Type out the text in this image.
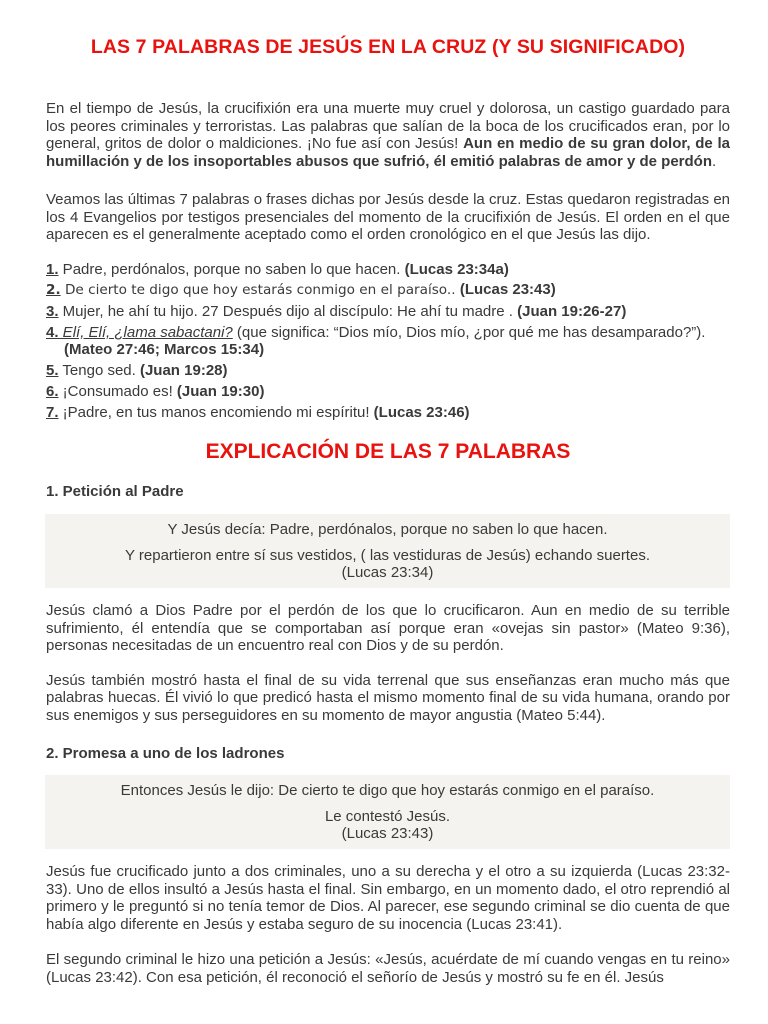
LAS 7 PALABRAS DE JESÚS EN LA CRUZ (Y SU SIGNIFICADO)

En el tiempo de Jesús, la crucifixión era una muerte muy cruel y dolorosa, un castigo guardado para los peores criminales y terroristas. Las palabras que salían de la boca de los crucificados eran, por lo general, gritos de dolor o maldiciones. ¡No fue así con Jesús! Aun en medio de su gran dolor, de la humillación y de los insoportables abusos que sufrió, él emitió palabras de amor y de perdón.

Veamos las últimas 7 palabras o frases dichas por Jesús desde la cruz. Estas quedaron registradas en los 4 Evangelios por testigos presenciales del momento de la crucifixión de Jesús. El orden en el que aparecen es el generalmente aceptado como el orden cronológico en el que Jesús las dijo.

1. Padre, perdónalos, porque no saben lo que hacen. (Lucas 23:34a)
2. De cierto te digo que hoy estarás conmigo en el paraíso.. (Lucas 23:43)
3. Mujer, he ahí tu hijo. 27 Después dijo al discípulo: He ahí tu madre . (Juan 19:26-27)
4. Elí, Elí, ¿lama sabactani? (que significa: “Dios mío, Dios mío, ¿por qué me has desamparado?”).
(Mateo 27:46; Marcos 15:34)
5. Tengo sed. (Juan 19:28)
6. ¡Consumado es! (Juan 19:30)
7. ¡Padre, en tus manos encomiendo mi espíritu! (Lucas 23:46)
EXPLICACIÓN DE LAS 7 PALABRAS
1. Petición al Padre
Y Jesús decía: Padre, perdónalos, porque no saben lo que hacen.
Y repartieron entre sí sus vestidos, ( las vestiduras de Jesús) echando suertes.
(Lucas 23:34)

Jesús clamó a Dios Padre por el perdón de los que lo crucificaron. Aun en medio de su terrible sufrimiento, él entendía que se comportaban así porque eran «ovejas sin pastor» (Mateo 9:36), personas necesitadas de un encuentro real con Dios y de su perdón.

Jesús también mostró hasta el final de su vida terrenal que sus enseñanzas eran mucho más que palabras huecas. Él vivió lo que predicó hasta el mismo momento final de su vida humana, orando por sus enemigos y sus perseguidores en su momento de mayor angustia (Mateo 5:44).

2. Promesa a uno de los ladrones
Entonces Jesús le dijo: De cierto te digo que hoy estarás conmigo en el paraíso.
Le contestó Jesús.
(Lucas 23:43)

Jesús fue crucificado junto a dos criminales, uno a su derecha y el otro a su izquierda (Lucas 23:32-33). Uno de ellos insultó a Jesús hasta el final. Sin embargo, en un momento dado, el otro reprendió al primero y le preguntó si no tenía temor de Dios. Al parecer, ese segundo criminal se dio cuenta de que había algo diferente en Jesús y estaba seguro de su inocencia (Lucas 23:41).

El segundo criminal le hizo una petición a Jesús: «Jesús, acuérdate de mí cuando vengas en tu reino» (Lucas 23:42). Con esa petición, él reconoció el señorío de Jesús y mostró su fe en él. Jesús
